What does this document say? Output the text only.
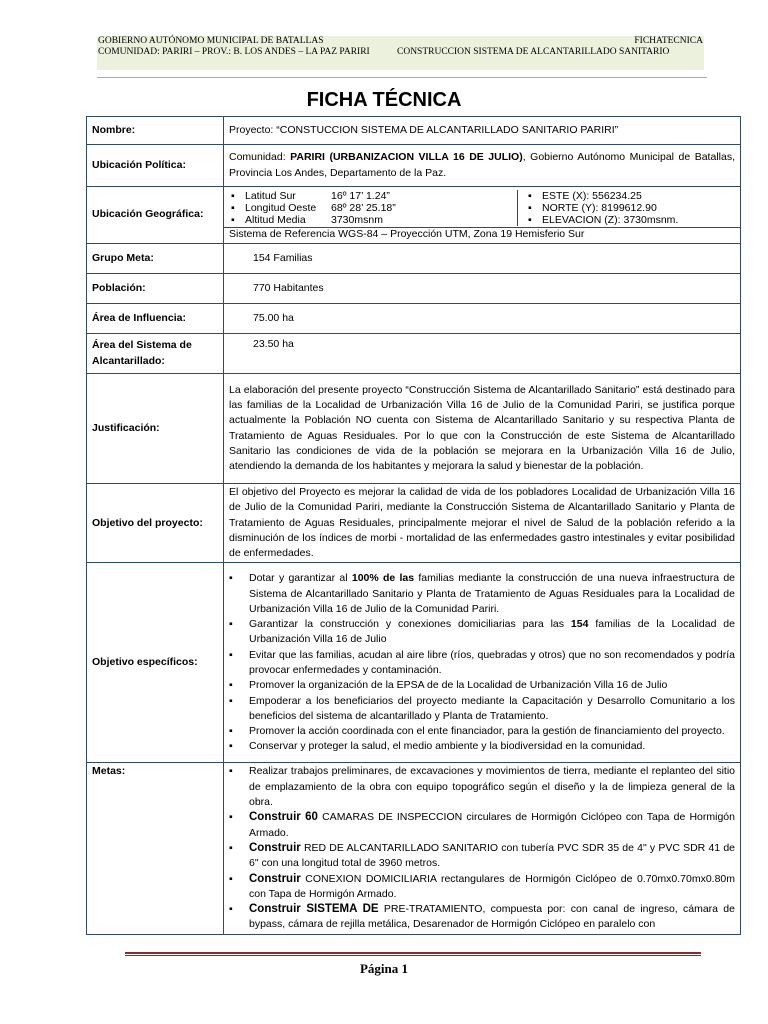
GOBIERNO AUTÓNOMO MUNICIPAL DE BATALLAS	FICHATECNICA
COMUNIDAD: PARIRI – PROV.: B. LOS ANDES – LA PAZ PARIRI	CONSTRUCCION SISTEMA DE ALCANTARILLADO SANITARIO
FICHA TÉCNICA
Nombre:	Proyecto: “CONSTUCCION SISTEMA DE ALCANTARILLADO SANITARIO PARIRI”
Ubicación Política:	Comunidad: PARIRI (URBANIZACION VILLA 16 DE JULIO), Gobierno Autónomo Municipal de Batallas, Provincia Los Andes, Departamento de la Paz.
Ubicación Geográfica:	
▪ Latitud Sur	16º 17’ 1.24”
▪ Longitud Oeste	68º 28’ 25.18”
▪ Altitud Media	3730msnm

▪ ESTE (X): 556234.25
▪ NORTE (Y): 8199612.90
▪ ELEVACION (Z): 3730msnm.
Sistema de Referencia WGS-84 – Proyección UTM, Zona 19 Hemisferio Sur

Grupo Meta:	154 Familias
Población:	770 Habitantes
Área de Influencia:	75.00 ha
Área del Sistema de Alcantarillado:	23.50 ha
Justificación:	La elaboración del presente proyecto “Construcción Sistema de Alcantarillado Sanitario” está destinado para las familias de la Localidad de Urbanización Villa 16 de Julio de la Comunidad Pariri, se justifica porque actualmente la Población NO cuenta con Sistema de Alcantarillado Sanitario y su respectiva Planta de Tratamiento de Aguas Residuales. Por lo que con la Construcción de este Sistema de Alcantarillado Sanitario las condiciones de vida de la población se mejorara en la Urbanización Villa 16 de Julio, atendiendo la demanda de los habitantes y mejorara la salud y bienestar de la población.
Objetivo del proyecto:	El objetivo del Proyecto es mejorar la calidad de vida de los pobladores Localidad de Urbanización Villa 16 de Julio de la Comunidad Pariri, mediante la Construcción Sistema de Alcantarillado Sanitario y Planta de Tratamiento de Aguas Residuales, principalmente mejorar el nivel de Salud de la población referido a la disminución de los índices de morbi - mortalidad de las enfermedades gastro intestinales y evitar posibilidad de enfermedades.
Objetivo específicos:	
▪	Dotar y garantizar al 100% de las familias mediante la construcción de una nueva infraestructura de Sistema de Alcantarillado Sanitario y Planta de Tratamiento de Aguas Residuales para la Localidad de Urbanización Villa 16 de Julio de la Comunidad Pariri.
▪	Garantizar la construcción y conexiones domiciliarias para las 154 familias de la Localidad de Urbanización Villa 16 de Julio
▪	Evitar que las familias, acudan al aire libre (ríos, quebradas y otros) que no son recomendados y podría provocar enfermedades y contaminación.
▪	Promover la organización de la EPSA de de la Localidad de Urbanización Villa 16 de Julio
▪	Empoderar a los beneficiarios del proyecto mediante la Capacitación y Desarrollo Comunitario a los beneficios del sistema de alcantarillado y Planta de Tratamiento.
▪	Promover la acción coordinada con el ente financiador, para la gestión de financiamiento del proyecto.
▪	Conservar y proteger la salud, el medio ambiente y la biodiversidad en la comunidad.

Metas:	▪	Realizar trabajos preliminares, de excavaciones y movimientos de tierra, mediante el replanteo del sitio de emplazamiento de la obra con equipo topográfico según el diseño y la de limpieza general de la obra.
▪	Construir 60 CAMARAS DE INSPECCION circulares de Hormigón Ciclópeo con Tapa de Hormigón Armado.
▪	Construir RED DE ALCANTARILLADO SANITARIO con tubería PVC SDR 35 de 4" y PVC SDR 41 de 6" con una longitud total de 3960 metros.
▪	Construir CONEXION DOMICILIARIA rectangulares de Hormigón Ciclópeo de 0.70mx0.70mx0.80m con Tapa de Hormigón Armado.
▪	Construir SISTEMA DE PRE-TRATAMIENTO, compuesta por: con canal de ingreso, cámara de bypass, cámara de rejilla metálica, Desarenador de Hormigón Ciclópeo en paralelo con
Página 1
